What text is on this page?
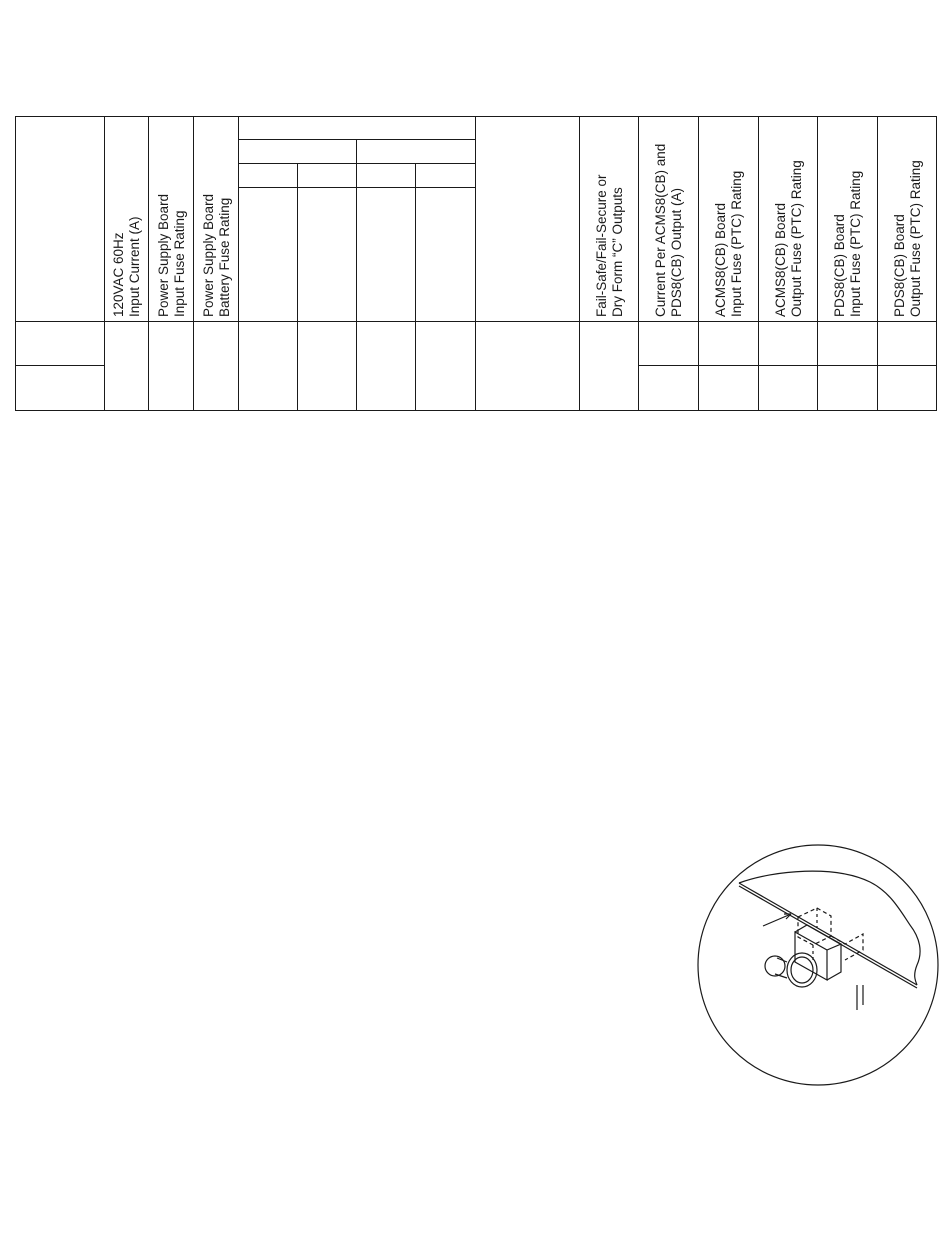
120VAC 60Hz
Input Current (A)
Power Supply Board
Input Fuse Rating
Power Supply Board
Battery Fuse Rating	Fail-Safe/Fail-Secure or
Dry Form “C” Outputs
Current Per ACMS8(CB) and
PDS8(CB) Output (A)
ACMS8(CB) Board
Input Fuse (PTC) Rating
ACMS8(CB) Board
Output Fuse (PTC) Rating
PDS8(CB) Board
Input Fuse (PTC) Rating
PDS8(CB) Board
Output Fuse (PTC) Rating
